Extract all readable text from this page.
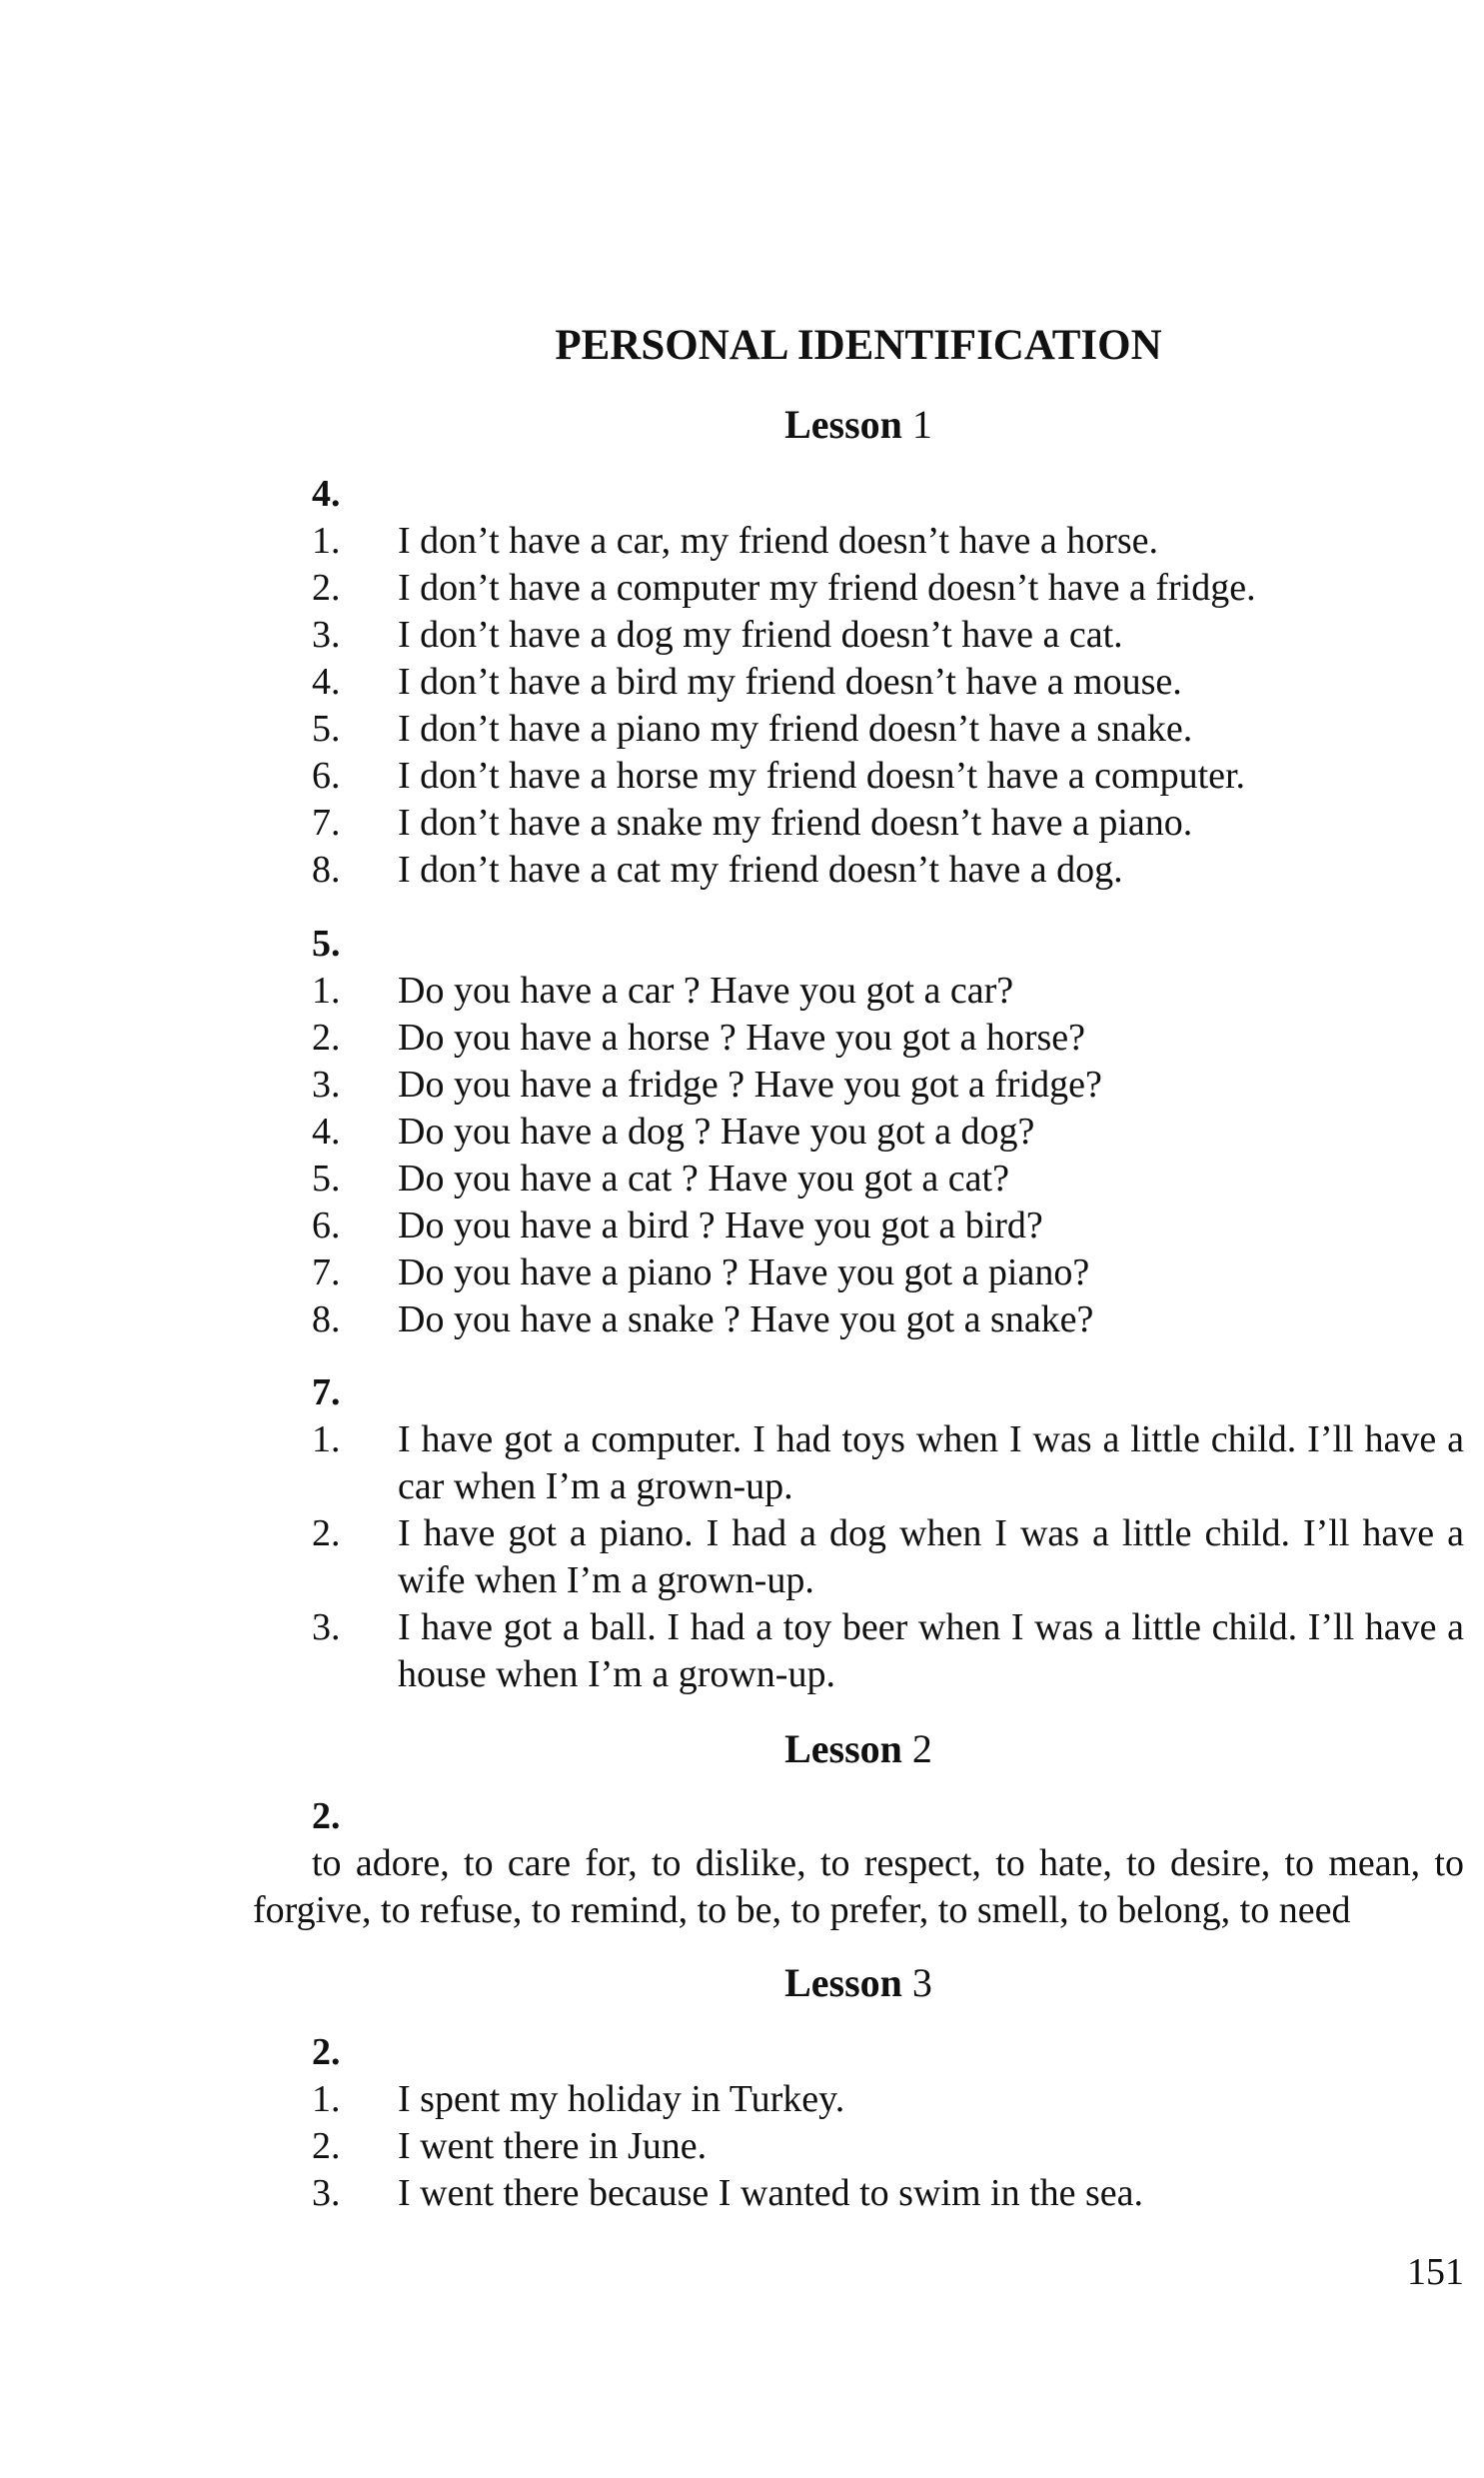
PERSONAL IDENTIFICATION
Lesson 1
4.
1.	I don’t have a car, my friend doesn’t have a horse.
2.	I don’t have a computer my friend doesn’t have a fridge.
3.	I don’t have a dog my friend doesn’t have a cat.
4.	I don’t have a bird my friend doesn’t have a mouse.
5.	I don’t have a piano my friend doesn’t have a snake.
6.	I don’t have a horse my friend doesn’t have a computer.
7.	I don’t have a snake my friend doesn’t have a piano.
8.	I don’t have a cat my friend doesn’t have a dog.
5.
1.	Do you have a car ? Have you got a car?
2.	Do you have a horse ? Have you got a horse?
3.	Do you have a fridge ? Have you got a fridge?
4.	Do you have a dog ? Have you got a dog?
5.	Do you have a cat ? Have you got a cat?
6.	Do you have a bird ? Have you got a bird?
7.	Do you have a piano ? Have you got a piano?
8.	Do you have a snake ? Have you got a snake?
7.
1.	I have got a computer. I had toys when I was a little child. I’ll have a car when I’m a grown-up.
2.	I have got a piano. I had a dog when I was a little child. I’ll have a wife when I’m a grown-up.
3.	I have got a ball. I had a toy beer when I was a little child. I’ll have a house when I’m a grown-up.
Lesson 2
2.

to adore, to care for, to dislike, to respect, to hate, to desire, to mean, to forgive, to refuse, to remind, to be, to prefer, to smell, to belong, to need

Lesson 3
2.
1.	I spent my holiday in Turkey.
2.	I went there in June.
3.	I went there because I wanted to swim in the sea.
151
